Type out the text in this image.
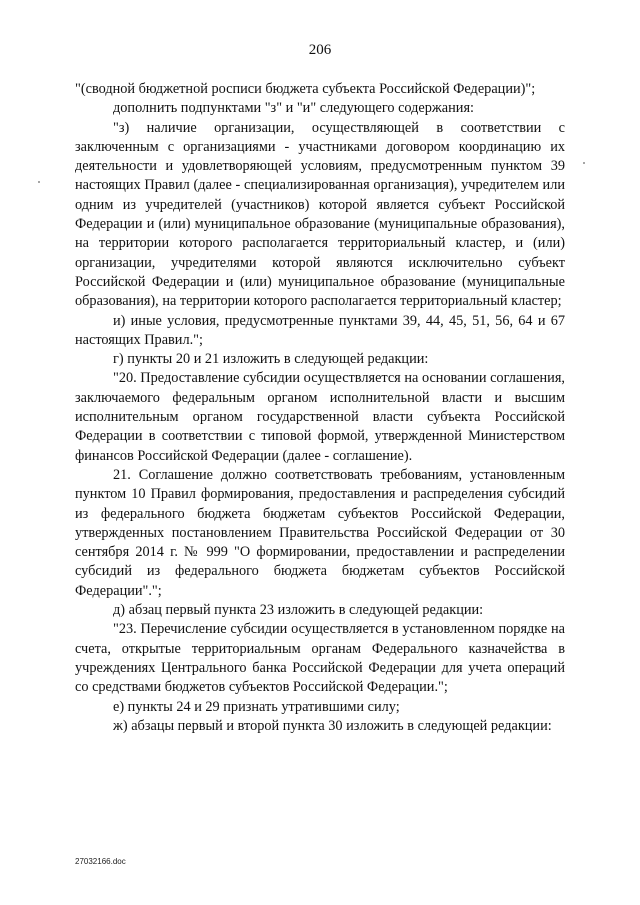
206

"(сводной бюджетной росписи бюджета субъекта Российской Федерации)";

дополнить подпунктами "з" и "и" следующего содержания:

"з) наличие организации, осуществляющей в соответствии с заключенным с организациями - участниками договором координацию их деятельности и удовлетворяющей условиям, предусмотренным пунктом 39 настоящих Правил (далее - специализированная организация), учредителем или одним из учредителей (участников) которой является субъект Российской Федерации и (или) муниципальное образование (муниципальные образования), на территории которого располагается территориальный кластер, и (или) организации, учредителями которой являются исключительно субъект Российской Федерации и (или) муниципальное образование (муниципальные образования), на территории которого располагается территориальный кластер;

и) иные условия, предусмотренные пунктами 39, 44, 45, 51, 56, 64 и 67 настоящих Правил.";

г) пункты 20 и 21 изложить в следующей редакции:

"20. Предоставление субсидии осуществляется на основании соглашения, заключаемого федеральным органом исполнительной власти и высшим исполнительным органом государственной власти субъекта Российской Федерации в соответствии с типовой формой, утвержденной Министерством финансов Российской Федерации (далее - соглашение).

21. Соглашение должно соответствовать требованиям, установленным пунктом 10 Правил формирования, предоставления и распределения субсидий из федерального бюджета бюджетам субъектов Российской Федерации, утвержденных постановлением Правительства Российской Федерации от 30 сентября 2014 г. № 999 "О формировании, предоставлении и распределении субсидий из федерального бюджета бюджетам субъектов Российской Федерации".";

д) абзац первый пункта 23 изложить в следующей редакции:

"23. Перечисление субсидии осуществляется в установленном порядке на счета, открытые территориальным органам Федерального казначейства в учреждениях Центрального банка Российской Федерации для учета операций со средствами бюджетов субъектов Российской Федерации.";

е) пункты 24 и 29 признать утратившими силу;

ж) абзацы первый и второй пункта 30 изложить в следующей редакции:

27032166.doc
